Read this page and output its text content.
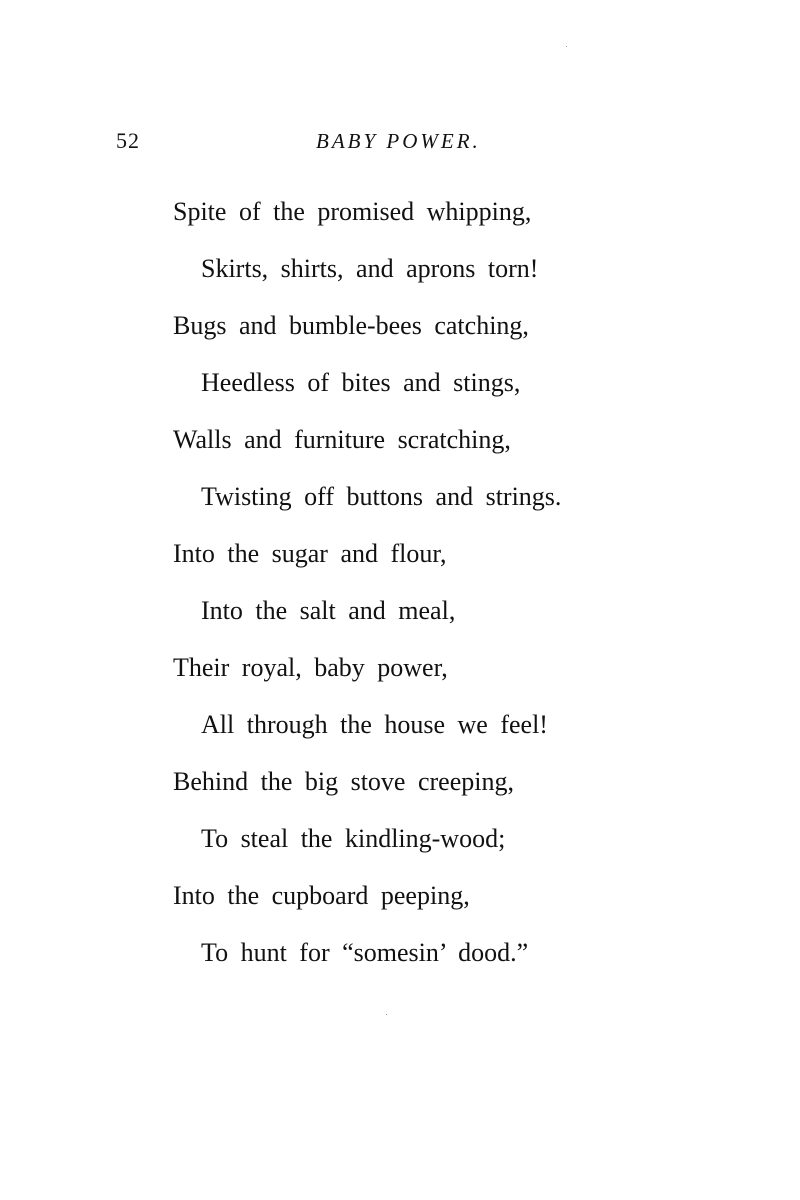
52	BABY POWER.
Spite of the promised whipping,
Skirts, shirts, and aprons torn!
Bugs and bumble-bees catching,
Heedless of bites and stings,
Walls and furniture scratching,
Twisting off buttons and strings.
Into the sugar and flour,
Into the salt and meal,
Their royal, baby power,
All through the house we feel!
Behind the big stove creeping,
To steal the kindling-wood;
Into the cupboard peeping,
To hunt for “somesin’ dood.”
